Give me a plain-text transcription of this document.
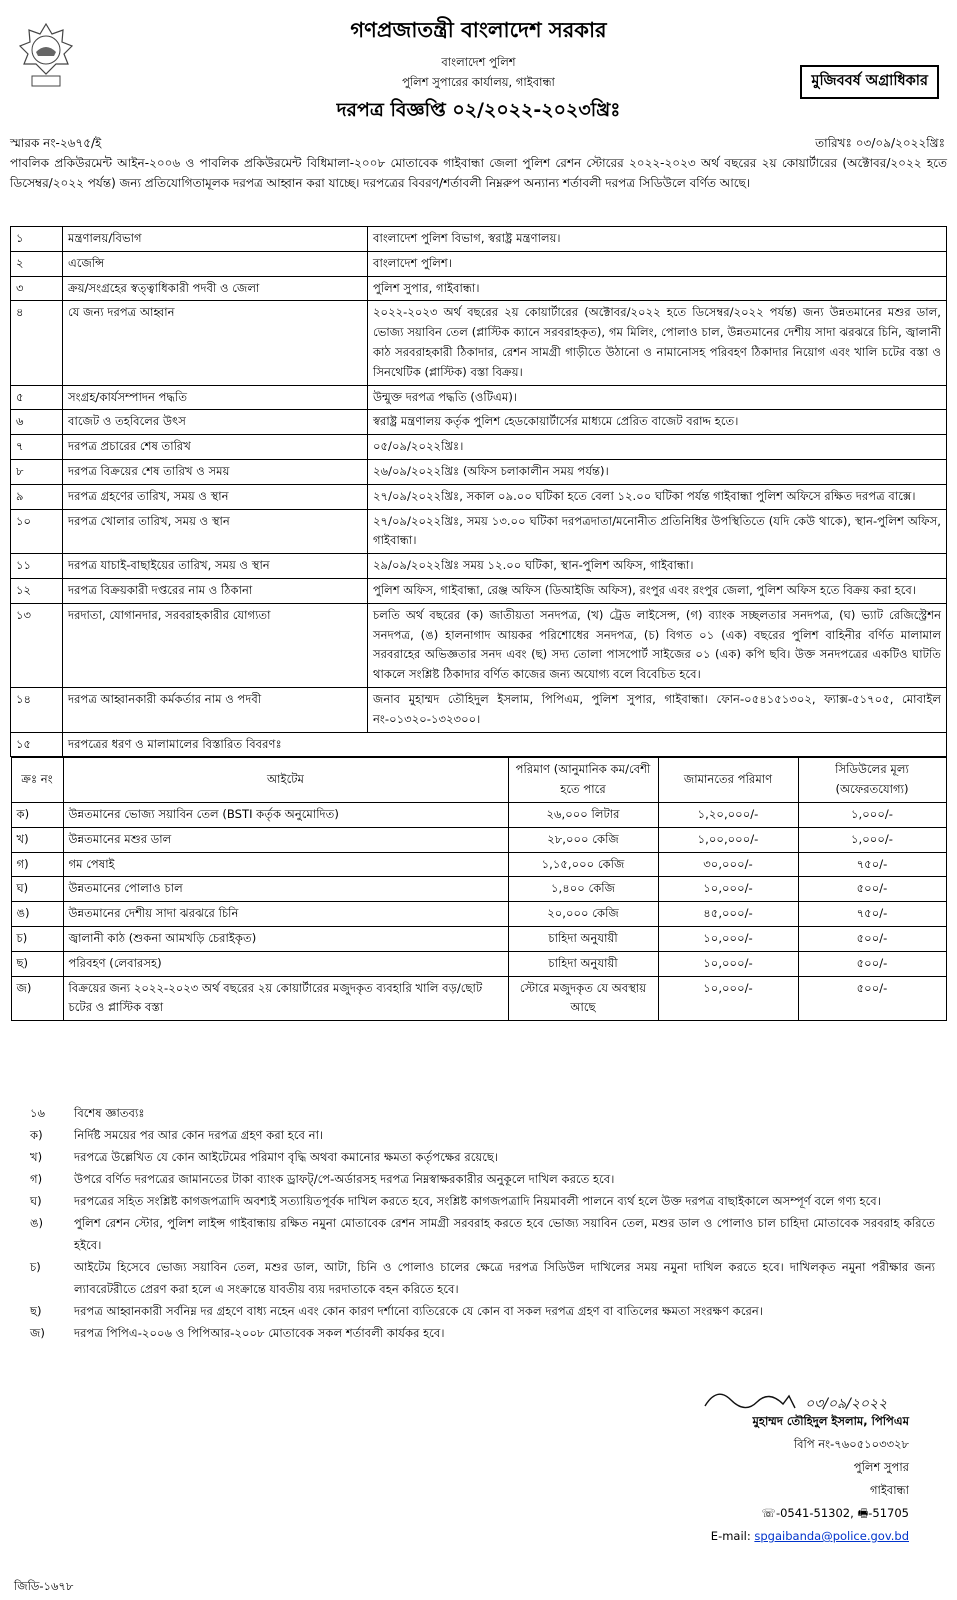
গণপ্রজাতন্ত্রী বাংলাদেশ সরকার
বাংলাদেশ পুলিশ
পুলিশ সুপারের কার্যালয়, গাইবান্ধা
দরপত্র বিজ্ঞপ্তি ০২/২০২২-২০২৩খ্রিঃ
মুজিববর্ষ অগ্রাধিকার
স্মারক নং-২৬৭৫/ই	তারিখঃ ০৩/০৯/২০২২খ্রিঃ
পাবলিক প্রকিউরমেন্ট আইন-২০০৬ ও পাবলিক প্রকিউরমেন্ট বিধিমালা-২০০৮ মোতাবেক গাইবান্ধা জেলা পুলিশ রেশন স্টোরের ২০২২-২০২৩ অর্থ বছরের ২য় কোয়ার্টারের (অক্টোবর/২০২২ হতে ডিসেম্বর/২০২২ পর্যন্ত) জন্য প্রতিযোগিতামূলক দরপত্র আহ্বান করা যাচ্ছে। দরপত্রের বিবরণ/শর্তাবলী নিম্নরুপ অন্যান্য শর্তাবলী দরপত্র সিডিউলে বর্ণিত আছে।
১	মন্ত্রণালয়/বিভাগ	বাংলাদেশ পুলিশ বিভাগ, স্বরাষ্ট্র মন্ত্রণালয়।
২	এজেন্সি	বাংলাদেশ পুলিশ।
৩	ক্রয়/সংগ্রহের স্বত্ত্বাধিকারী পদবী ও জেলা	পুলিশ সুপার, গাইবান্ধা।
৪	যে জন্য দরপত্র আহ্বান	২০২২-২০২৩ অর্থ বছরের ২য় কোয়ার্টারের (অক্টোবর/২০২২ হতে ডিসেম্বর/২০২২ পর্যন্ত) জন্য উন্নতমানের মশুর ডাল, ভোজ্য সয়াবিন তেল (প্লাস্টিক ক্যানে সরবরাহকৃত), গম মিলিং, পোলাও চাল, উন্নতমানের দেশীয় সাদা ঝরঝরে চিনি, জ্বালানী কাঠ সরবরাহকারী ঠিকাদার, রেশন সামগ্রী গাড়ীতে উঠানো ও নামানোসহ পরিবহণ ঠিকাদার নিয়োগ এবং খালি চটের বস্তা ও সিনথেটিক (প্লাস্টিক) বস্তা বিক্রয়।
৫	সংগ্রহ/কার্যসম্পাদন পদ্ধতি	উন্মুক্ত দরপত্র পদ্ধতি (ওটিএম)।
৬	বাজেট ও তহবিলের উৎস	স্বরাষ্ট্র মন্ত্রণালয় কর্তৃক পুলিশ হেডকোয়ার্টার্সের মাধ্যমে প্রেরিত বাজেট বরাদ্দ হতে।
৭	দরপত্র প্রচারের শেষ তারিখ	০৫/০৯/২০২২খ্রিঃ।
৮	দরপত্র বিক্রয়ের শেষ তারিখ ও সময়	২৬/০৯/২০২২খ্রিঃ (অফিস চলাকালীন সময় পর্যন্ত)।
৯	দরপত্র গ্রহণের তারিখ, সময় ও স্থান	২৭/০৯/২০২২খ্রিঃ, সকাল ০৯.০০ ঘটিকা হতে বেলা ১২.০০ ঘটিকা পর্যন্ত গাইবান্ধা পুলিশ অফিসে রক্ষিত দরপত্র বাক্সে।
১০	দরপত্র খোলার তারিখ, সময় ও স্থান	২৭/০৯/২০২২খ্রিঃ, সময় ১৩.০০ ঘটিকা দরপত্রদাতা/মনোনীত প্রতিনিধির উপস্থিতিতে (যদি কেউ থাকে), স্থান-পুলিশ অফিস, গাইবান্ধা।
১১	দরপত্র যাচাই-বাছাইয়ের তারিখ, সময় ও স্থান	২৯/০৯/২০২২খ্রিঃ সময় ১২.০০ ঘটিকা, স্থান-পুলিশ অফিস, গাইবান্ধা।
১২	দরপত্র বিক্রয়কারী দপ্তরের নাম ও ঠিকানা	পুলিশ অফিস, গাইবান্ধা, রেঞ্জ অফিস (ডিআইজি অফিস), রংপুর এবং রংপুর জেলা, পুলিশ অফিস হতে বিক্রয় করা হবে।
১৩	দরদাতা, যোগানদার, সরবরাহকারীর যোগ্যতা	চলতি অর্থ বছরের (ক) জাতীয়তা সনদপত্র, (খ) ট্রেড লাইসেন্স, (গ) ব্যাংক সচ্ছলতার সনদপত্র, (ঘ) ভ্যাট রেজিস্ট্রেশন সনদপত্র, (ঙ) হালনাগাদ আয়কর পরিশোধের সনদপত্র, (চ) বিগত ০১ (এক) বছরের পুলিশ বাহিনীর বর্ণিত মালামাল সরবরাহের অভিজ্ঞতার সনদ এবং (ছ) সদ্য তোলা পাসপোর্ট সাইজের ০১ (এক) কপি ছবি। উক্ত সনদপত্রের একটিও ঘাটতি থাকলে সংশ্লিষ্ট ঠিকাদার বর্ণিত কাজের জন্য অযোগ্য বলে বিবেচিত হবে।
১৪	দরপত্র আহ্বানকারী কর্মকর্তার নাম ও পদবী	জনাব মুহাম্মদ তৌহিদুল ইসলাম, পিপিএম, পুলিশ সুপার, গাইবান্ধা। ফোন-০৫৪১৫১৩০২, ফ্যাক্স-৫১৭০৫, মোবাইল নং-০১৩২০-১৩২৩০০।
১৫	দরপত্রের ধরণ ও মালামালের বিস্তারিত বিবরণঃ

ক্রঃ নং	আইটেম	পরিমাণ (আনুমানিক কম/বেশী হতে পারে	জামানতের পরিমাণ	সিডিউলের মূল্য (অফেরতযোগ্য)
ক)	উন্নতমানের ভোজ্য সয়াবিন তেল (BSTI কর্তৃক অনুমোদিত)	২৬,০০০ লিটার	১,২০,০০০/-	১,০০০/-
খ)	উন্নতমানের মশুর ডাল	২৮,০০০ কেজি	১,০০,০০০/-	১,০০০/-
গ)	গম পেষাই	১,১৫,০০০ কেজি	৩০,০০০/-	৭৫০/-
ঘ)	উন্নতমানের পোলাও চাল	১,৪০০ কেজি	১০,০০০/-	৫০০/-
ঙ)	উন্নতমানের দেশীয় সাদা ঝরঝরে চিনি	২০,০০০ কেজি	৪৫,০০০/-	৭৫০/-
চ)	জ্বালানী কাঠ (শুকনা আমখড়ি চেরাইকৃত)	চাহিদা অনুযায়ী	১০,০০০/-	৫০০/-
ছ)	পরিবহণ (লেবারসহ)	চাহিদা অনুযায়ী	১০,০০০/-	৫০০/-
জ)	বিক্রয়ের জন্য ২০২২-২০২৩ অর্থ বছরের ২য় কোয়ার্টারের মজুদকৃত ব্যবহারি খালি বড়/ছোট চটের ও প্লাস্টিক বস্তা	স্টোরে মজুদকৃত যে অবস্থায় আছে	১০,০০০/-	৫০০/-
১৬	বিশেষ জ্ঞাতব্যঃ
ক)	নির্দিষ্ট সময়ের পর আর কোন দরপত্র গ্রহণ করা হবে না।
খ)	দরপত্রে উল্লেখিত যে কোন আইটেমের পরিমাণ বৃদ্ধি অথবা কমানোর ক্ষমতা কর্তৃপক্ষের রয়েছে।
গ)	উপরে বর্ণিত দরপত্রের জামানতের টাকা ব্যাংক ড্রাফট্/পে-অর্ডারসহ দরপত্র নিম্নস্বাক্ষরকারীর অনুকূলে দাখিল করতে হবে।
ঘ)	দরপত্রের সহিত সংশ্লিষ্ট কাগজপত্রাদি অবশ্যই সত্যায়িতপূর্বক দাখিল করতে হবে, সংশ্লিষ্ট কাগজপত্রাদি নিয়মাবলী পালনে ব্যর্থ হলে উক্ত দরপত্র বাছাইকালে অসম্পূর্ণ বলে গণ্য হবে।
ঙ)	পুলিশ রেশন স্টোর, পুলিশ লাইন্স গাইবান্ধায় রক্ষিত নমুনা মোতাবেক রেশন সামগ্রী সরবরাহ করতে হবে ভোজ্য সয়াবিন তেল, মশুর ডাল ও পোলাও চাল চাহিদা মোতাবেক সরবরাহ করিতে হইবে।
চ)	আইটেম হিসেবে ভোজ্য সয়াবিন তেল, মশুর ডাল, আটা, চিনি ও পোলাও চালের ক্ষেত্রে দরপত্র সিডিউল দাখিলের সময় নমুনা দাখিল করতে হবে। দাখিলকৃত নমুনা পরীক্ষার জন্য ল্যাবরেটরীতে প্রেরণ করা হলে এ সংক্রান্তে যাবতীয় ব্যয় দরদাতাকে বহন করিতে হবে।
ছ)	দরপত্র আহ্বানকারী সর্বনিম্ন দর গ্রহণে বাধ্য নহেন এবং কোন কারণ দর্শানো ব্যতিরেকে যে কোন বা সকল দরপত্র গ্রহণ বা বাতিলের ক্ষমতা সংরক্ষণ করেন।
জ)	দরপত্র পিপিএ-২০০৬ ও পিপিআর-২০০৮ মোতাবেক সকল শর্তাবলী কার্যকর হবে।
০৩/০৯/২০২২
মুহাম্মদ তৌহিদুল ইসলাম, পিপিএম
বিপি নং-৭৬০৫১০৩৩২৮
পুলিশ সুপার
গাইবান্ধা
☏-0541-51302, 🖷-51705
E-mail: spgaibanda@police.gov.bd
জিডি-১৬৭৮
